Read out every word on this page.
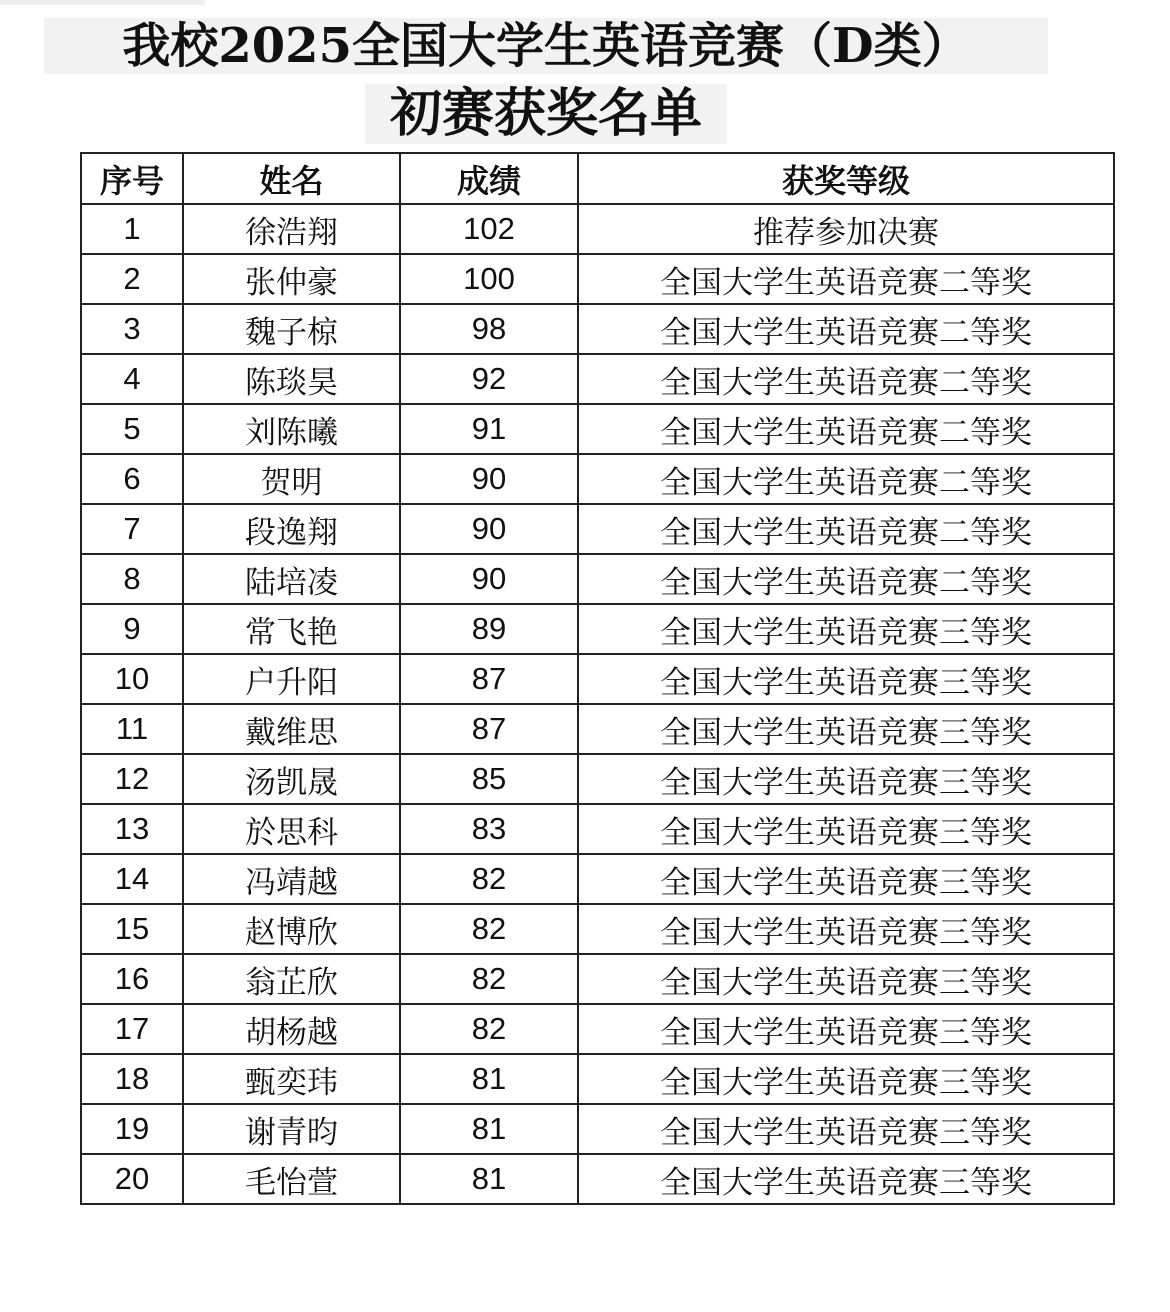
我校2025全国大学生英语竞赛（D类）
初赛获奖名单
序号	姓名	成绩	获奖等级
1	徐浩翔	102	推荐参加决赛
2	张仲豪	100	全国大学生英语竞赛二等奖
3	魏子椋	98	全国大学生英语竞赛二等奖
4	陈琰昊	92	全国大学生英语竞赛二等奖
5	刘陈曦	91	全国大学生英语竞赛二等奖
6	贺明	90	全国大学生英语竞赛二等奖
7	段逸翔	90	全国大学生英语竞赛二等奖
8	陆培凌	90	全国大学生英语竞赛二等奖
9	常飞艳	89	全国大学生英语竞赛三等奖
10	户升阳	87	全国大学生英语竞赛三等奖
11	戴维思	87	全国大学生英语竞赛三等奖
12	汤凯晟	85	全国大学生英语竞赛三等奖
13	於思科	83	全国大学生英语竞赛三等奖
14	冯靖越	82	全国大学生英语竞赛三等奖
15	赵博欣	82	全国大学生英语竞赛三等奖
16	翁芷欣	82	全国大学生英语竞赛三等奖
17	胡杨越	82	全国大学生英语竞赛三等奖
18	甄奕玮	81	全国大学生英语竞赛三等奖
19	谢青昀	81	全国大学生英语竞赛三等奖
20	毛怡萱	81	全国大学生英语竞赛三等奖
